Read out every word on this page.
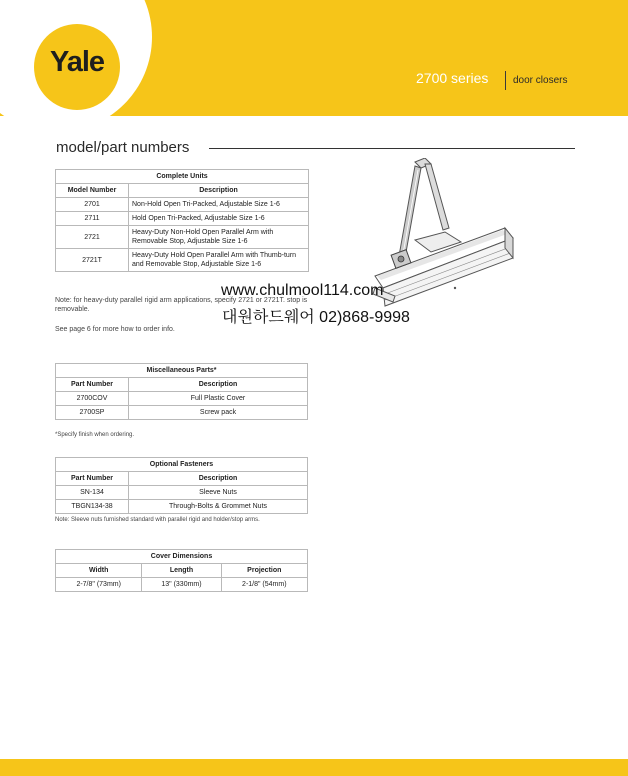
Yale	2700 series door closers
model/part numbers
Complete Units	
Model Number	Description
2701	Non-Hold Open Tri-Packed, Adjustable Size 1-6
2711	Hold Open Tri-Packed, Adjustable Size 1-6
2721	Heavy-Duty Non-Hold Open Parallel Arm with Removable Stop, Adjustable Size 1-6
2721T	Heavy-Duty Hold Open Parallel Arm with Thumb-turn and Removable Stop, Adjustable Size 1-6
Note: for heavy-duty parallel rigid arm applications, specify 2721 or 2721T. stop is removable.
See page 6 for more how to order info.
www.chulmool114.com
대원하드웨어 02)868-9998
Miscellaneous Parts*	
Part Number	Description
2700COV	Full Plastic Cover
2700SP	Screw pack
*Specify finish when ordering.
Optional Fasteners	
Part Number	Description
SN-134	Sleeve Nuts
TBGN134-38	Through-Bolts & Grommet Nuts
Note: Sleeve nuts furnished standard with parallel rigid and holder/stop arms.
Cover Dimensions		
Width	Length	Projection
2-7/8" (73mm)	13" (330mm)	2-1/8" (54mm)
